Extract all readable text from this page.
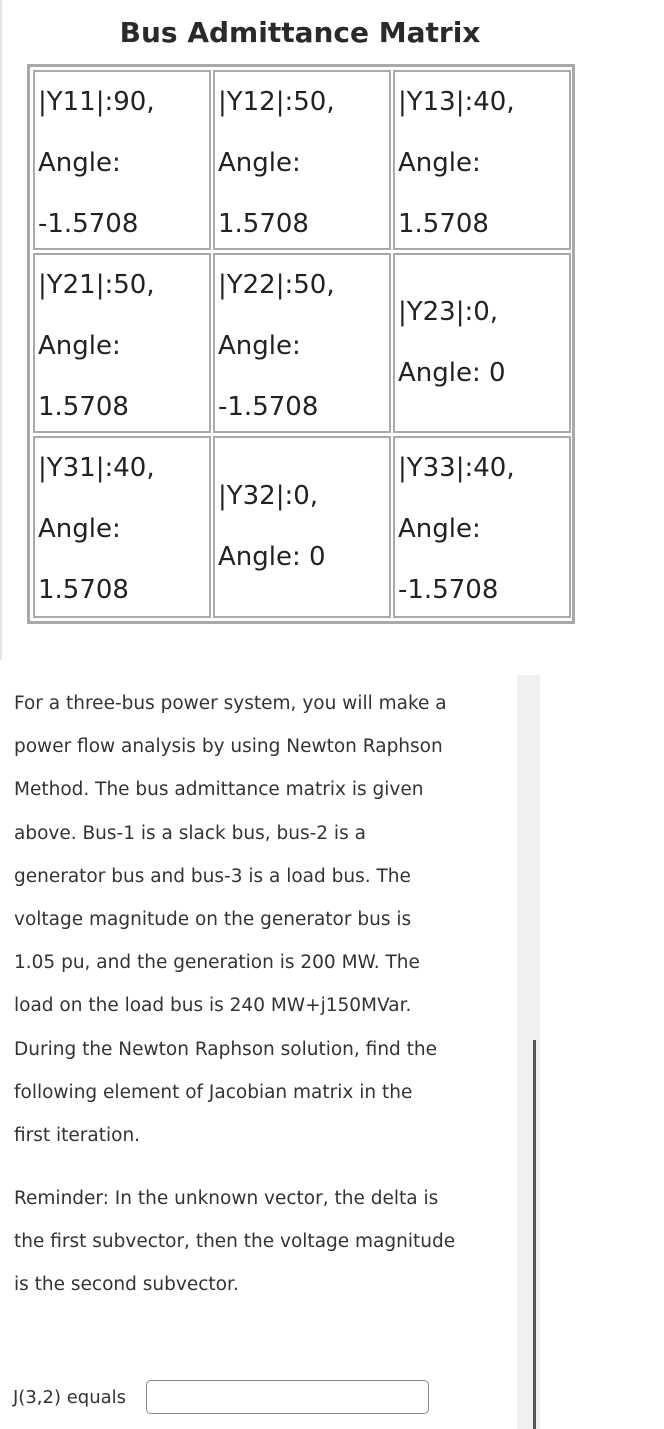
Bus Admittance Matrix
|Y11|:90,
Angle:
-1.5708
|Y12|:50,
Angle:
1.5708
|Y13|:40,
Angle:
1.5708
|Y21|:50,
Angle:
1.5708
|Y22|:50,
Angle:
-1.5708
|Y23|:0,
Angle: 0
|Y31|:40,
Angle:
1.5708
|Y32|:0,
Angle: 0
|Y33|:40,
Angle:
-1.5708
For a three-bus power system, you will make a
power flow analysis by using Newton Raphson
Method. The bus admittance matrix is given
above. Bus-1 is a slack bus, bus-2 is a
generator bus and bus-3 is a load bus. The
voltage magnitude on the generator bus is
1.05 pu, and the generation is 200 MW. The
load on the load bus is 240 MW+j150MVar.
During the Newton Raphson solution, find the
following element of Jacobian matrix in the
first iteration.
Reminder: In the unknown vector, the delta is
the first subvector, then the voltage magnitude
is the second subvector.
J(3,2) equals
